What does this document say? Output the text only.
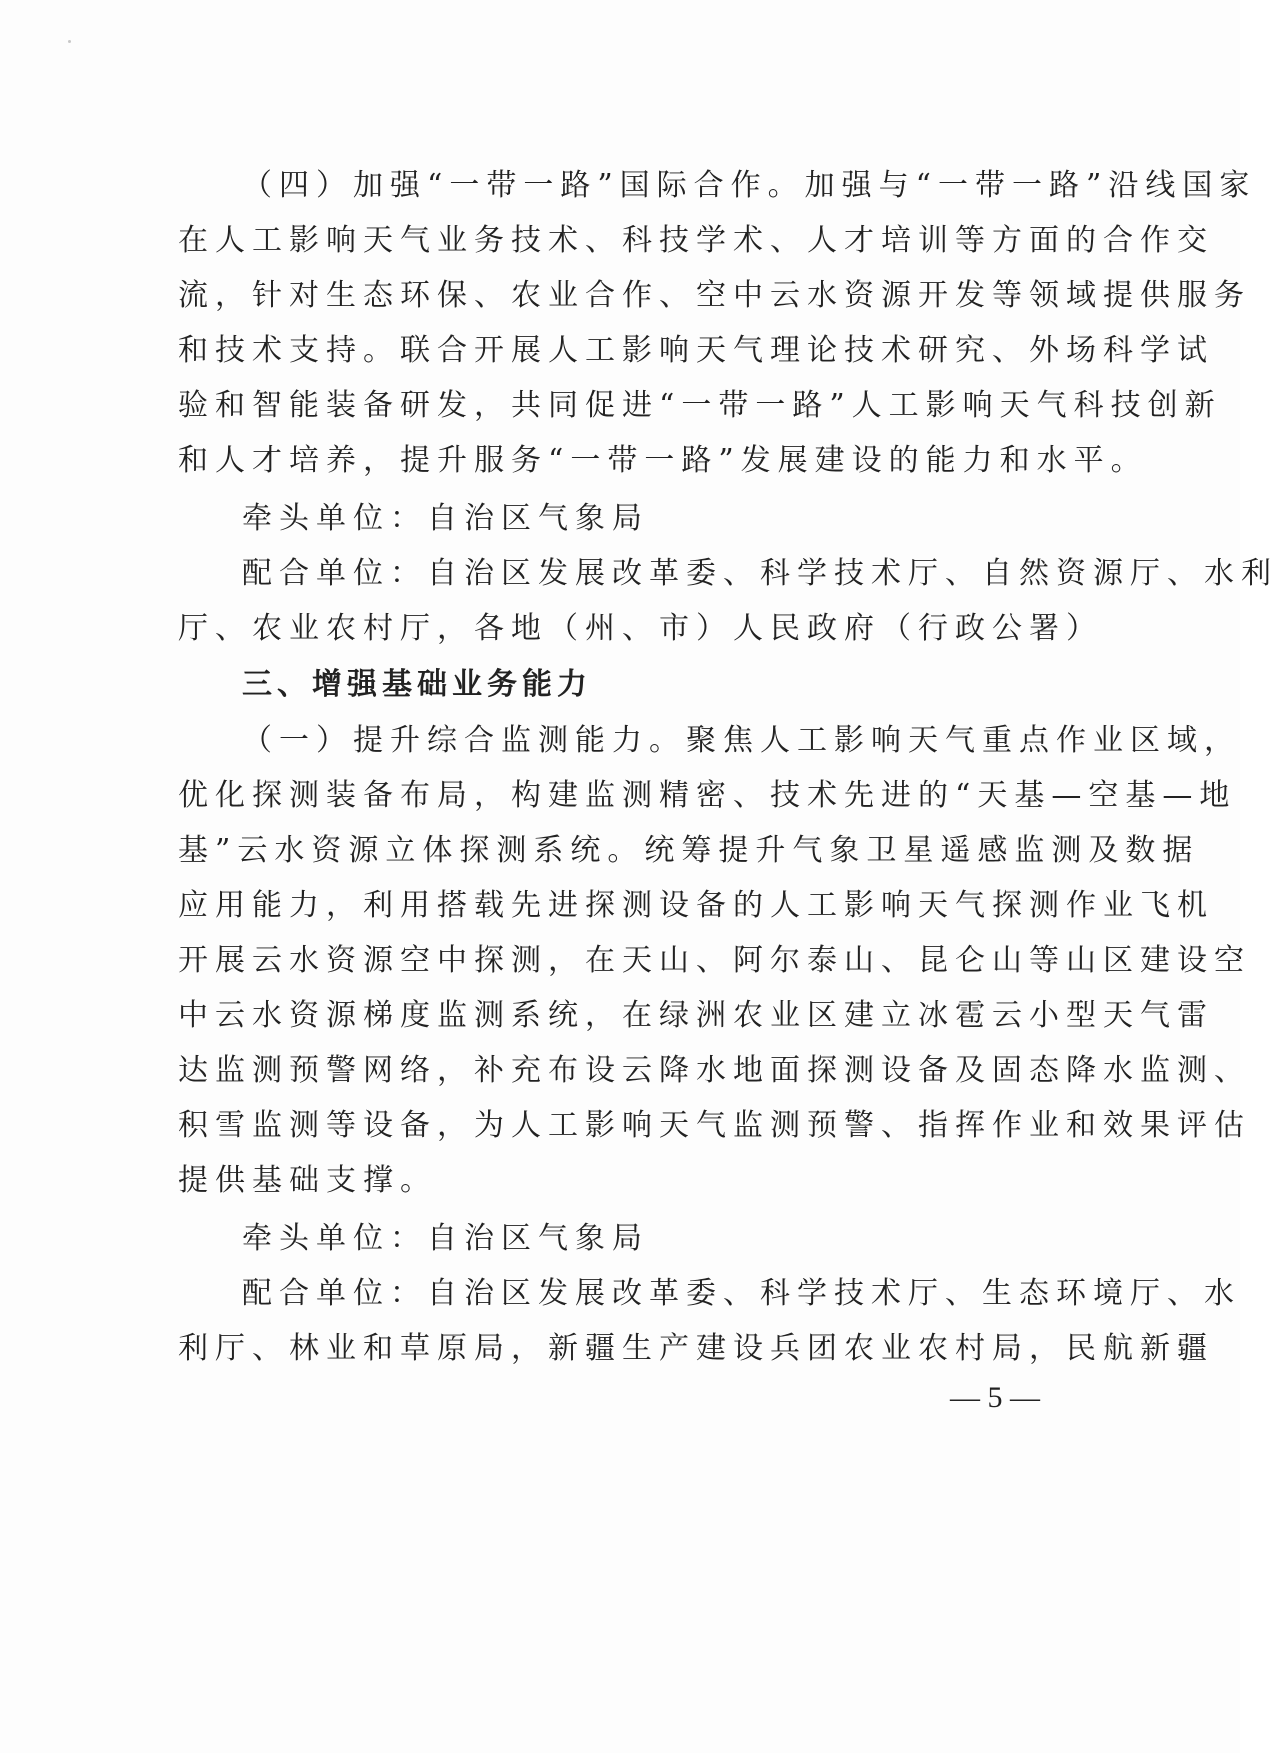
（四）加强“一带一路”国际合作。加强与“一带一路”沿线国家

在人工影响天气业务技术、科技学术、人才培训等方面的合作交

流，针对生态环保、农业合作、空中云水资源开发等领域提供服务

和技术支持。联合开展人工影响天气理论技术研究、外场科学试

验和智能装备研发，共同促进“一带一路”人工影响天气科技创新

和人才培养，提升服务“一带一路”发展建设的能力和水平。

牵头单位：自治区气象局

配合单位：自治区发展改革委、科学技术厅、自然资源厅、水利

厅、农业农村厅，各地（州、市）人民政府（行政公署）

三、增强基础业务能力

（一）提升综合监测能力。聚焦人工影响天气重点作业区域，

优化探测装备布局，构建监测精密、技术先进的“天基—空基—地

基”云水资源立体探测系统。统筹提升气象卫星遥感监测及数据

应用能力，利用搭载先进探测设备的人工影响天气探测作业飞机

开展云水资源空中探测，在天山、阿尔泰山、昆仑山等山区建设空

中云水资源梯度监测系统，在绿洲农业区建立冰雹云小型天气雷

达监测预警网络，补充布设云降水地面探测设备及固态降水监测、

积雪监测等设备，为人工影响天气监测预警、指挥作业和效果评估

提供基础支撑。

牵头单位：自治区气象局

配合单位：自治区发展改革委、科学技术厅、生态环境厅、水

利厅、林业和草原局，新疆生产建设兵团农业农村局，民航新疆

— 5 —
